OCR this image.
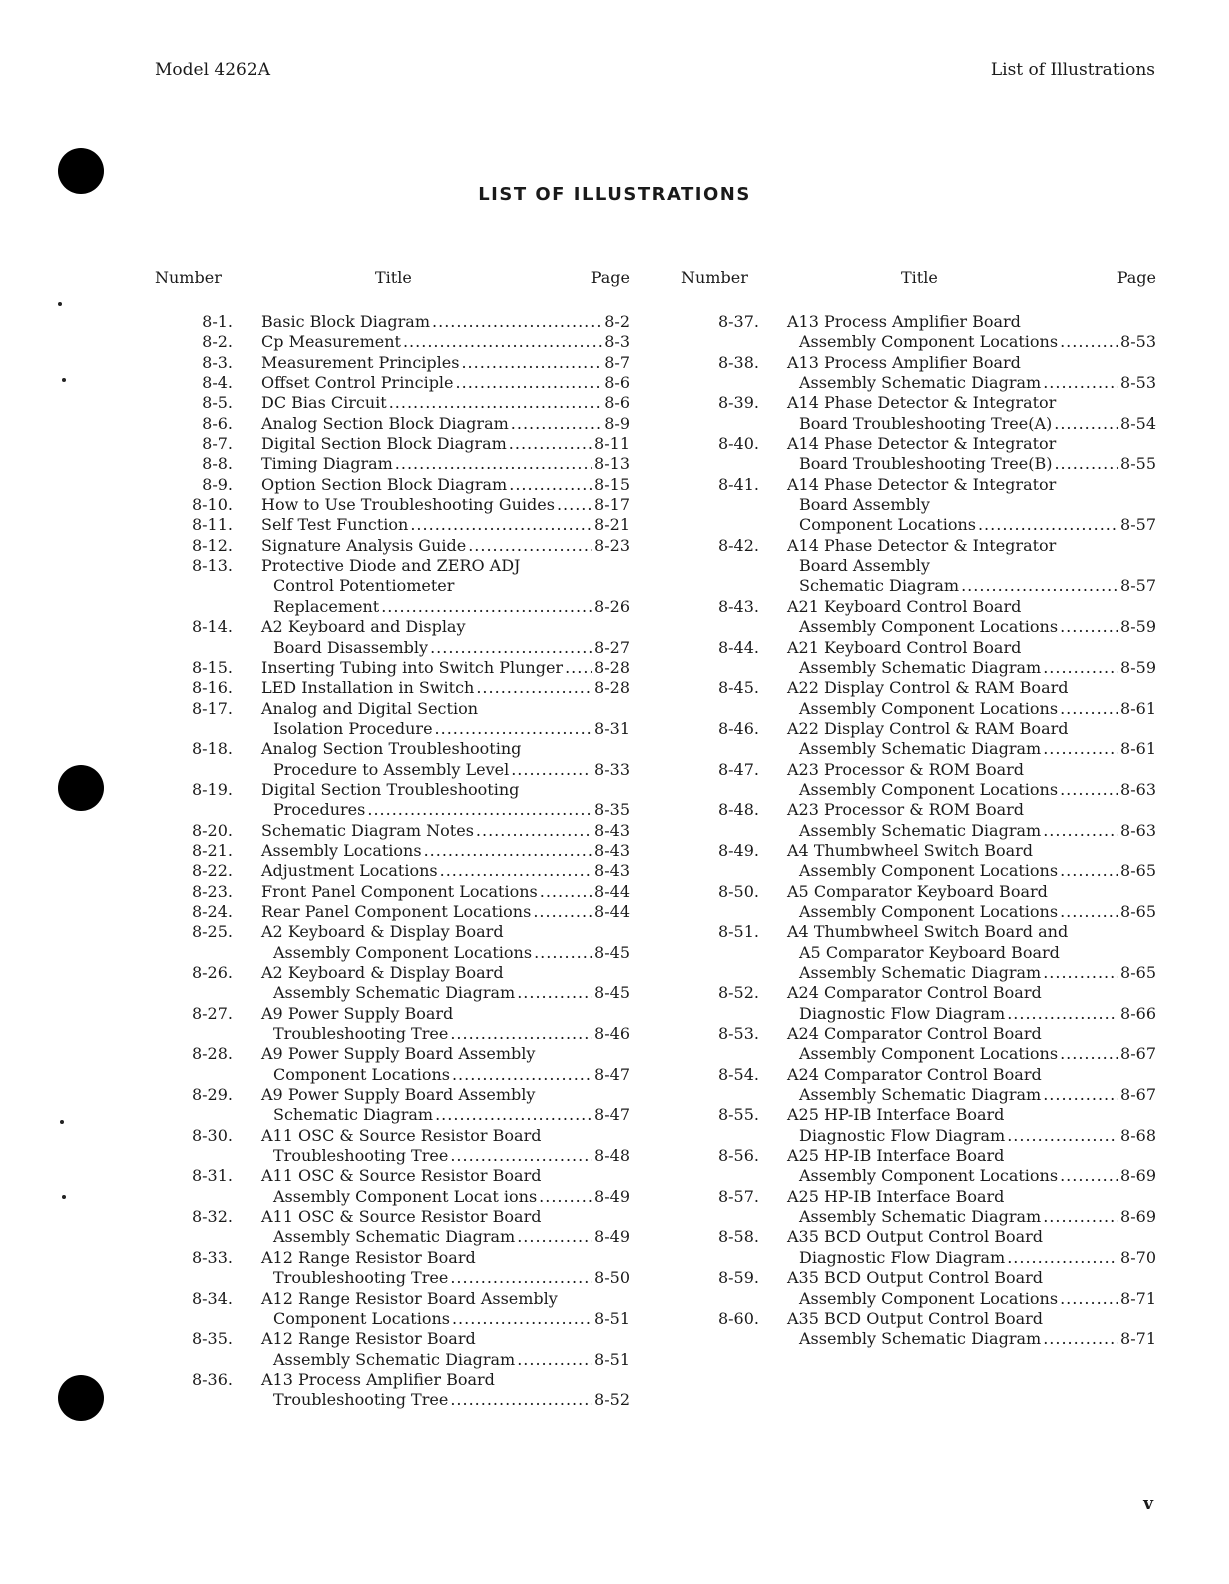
Model 4262A	List of Illustrations
LIST OF ILLUSTRATIONS
Number	Title	Page
8-1.	Basic Block Diagram .....	8-2
8-2.	Cp Measurement .....	8-3
8-3.	Measurement Principles .....	8-7
8-4.	Offset Control Principle .....	8-6
8-5.	DC Bias Circuit .....	8-6
8-6.	Analog Section Block Diagram .....	8-9
8-7.	Digital Section Block Diagram .....	8-11
8-8.	Timing Diagram .....	8-13
8-9.	Option Section Block Diagram .....	8-15
8-10.	How to Use Troubleshooting Guides ..... 8-17
8-11.	Self Test Function .....	8-21
8-12.	Signature Analysis Guide .....	8-23
8-13.	Protective Diode and ZERO ADJ
Control Potentiometer
Replacement .....	8-26
8-14.	A2 Keyboard and Display
Board Disassembly .....	8-27
8-15.	Inserting Tubing into Switch Plunger ..... 8-28
8-16.	LED Installation in Switch .....	8-28
8-17.	Analog and Digital Section
Isolation Procedure .....	8-31
8-18.	Analog Section Troubleshooting
Procedure to Assembly Level .....	8-33
8-19.	Digital Section Troubleshooting
Procedures .....	8-35
8-20.	Schematic Diagram Notes .....	8-43
8-21.	Assembly Locations .....	8-43
8-22.	Adjustment Locations .....	8-43
8-23.	Front Panel Component Locations .....	8-44
8-24.	Rear Panel Component Locations .....	8-44
8-25.	A2 Keyboard & Display Board
Assembly Component Locations .....	8-45
8-26.	A2 Keyboard & Display Board
Assembly Schematic Diagram .....	8-45
8-27.	A9 Power Supply Board
Troubleshooting Tree .....	8-46
8-28.	A9 Power Supply Board Assembly
Component Locations .....	8-47
8-29.	A9 Power Supply Board Assembly
Schematic Diagram .....	8-47
8-30.	A11 OSC & Source Resistor Board
Troubleshooting Tree .....	8-48
8-31.	A11 OSC & Source Resistor Board
Assembly Component Locat ions .....	8-49
8-32.	A11 OSC & Source Resistor Board
Assembly Schematic Diagram .....	8-49
8-33.	A12 Range Resistor Board
Troubleshooting Tree .....	8-50
8-34.	A12 Range Resistor Board Assembly
Component Locations .....	8-51
8-35.	A12 Range Resistor Board
Assembly Schematic Diagram .....	8-51
8-36.	A13 Process Amplifier Board
Troubleshooting Tree .....	8-52
Number	Title	Page
8-37.	A13 Process Amplifier Board
Assembly Component Locations .....	8-53
8-38.	A13 Process Amplifier Board
Assembly Schematic Diagram .....	8-53
8-39.	A14 Phase Detector & Integrator
Board Troubleshooting Tree(A) .....	8-54
8-40.	A14 Phase Detector & Integrator
Board Troubleshooting Tree(B) .....	8-55
8-41.	A14 Phase Detector & Integrator
Board Assembly
Component Locations .....	8-57
8-42.	A14 Phase Detector & Integrator
Board Assembly
Schematic Diagram .....	8-57
8-43.	A21 Keyboard Control Board
Assembly Component Locations .....	8-59
8-44.	A21 Keyboard Control Board
Assembly Schematic Diagram .....	8-59
8-45.	A22 Display Control & RAM Board
Assembly Component Locations .....	8-61
8-46.	A22 Display Control & RAM Board
Assembly Schematic Diagram .....	8-61
8-47.	A23 Processor & ROM Board
Assembly Component Locations .....	8-63
8-48.	A23 Processor & ROM Board
Assembly Schematic Diagram .....	8-63
8-49.	A4 Thumbwheel Switch Board
Assembly Component Locations .....	8-65
8-50.	A5 Comparator Keyboard Board
Assembly Component Locations .....	8-65
8-51.	A4 Thumbwheel Switch Board and
A5 Comparator Keyboard Board
Assembly Schematic Diagram .....	8-65
8-52.	A24 Comparator Control Board
Diagnostic Flow Diagram .....	8-66
8-53.	A24 Comparator Control Board
Assembly Component Locations .....	8-67
8-54.	A24 Comparator Control Board
Assembly Schematic Diagram .....	8-67
8-55.	A25 HP-IB Interface Board
Diagnostic Flow Diagram .....	8-68
8-56.	A25 HP-IB Interface Board
Assembly Component Locations .....	8-69
8-57.	A25 HP-IB Interface Board
Assembly Schematic Diagram .....	8-69
8-58.	A35 BCD Output Control Board
Diagnostic Flow Diagram .....	8-70
8-59.	A35 BCD Output Control Board
Assembly Component Locations .....	8-71
8-60.	A35 BCD Output Control Board
Assembly Schematic Diagram .....	8-71
v
